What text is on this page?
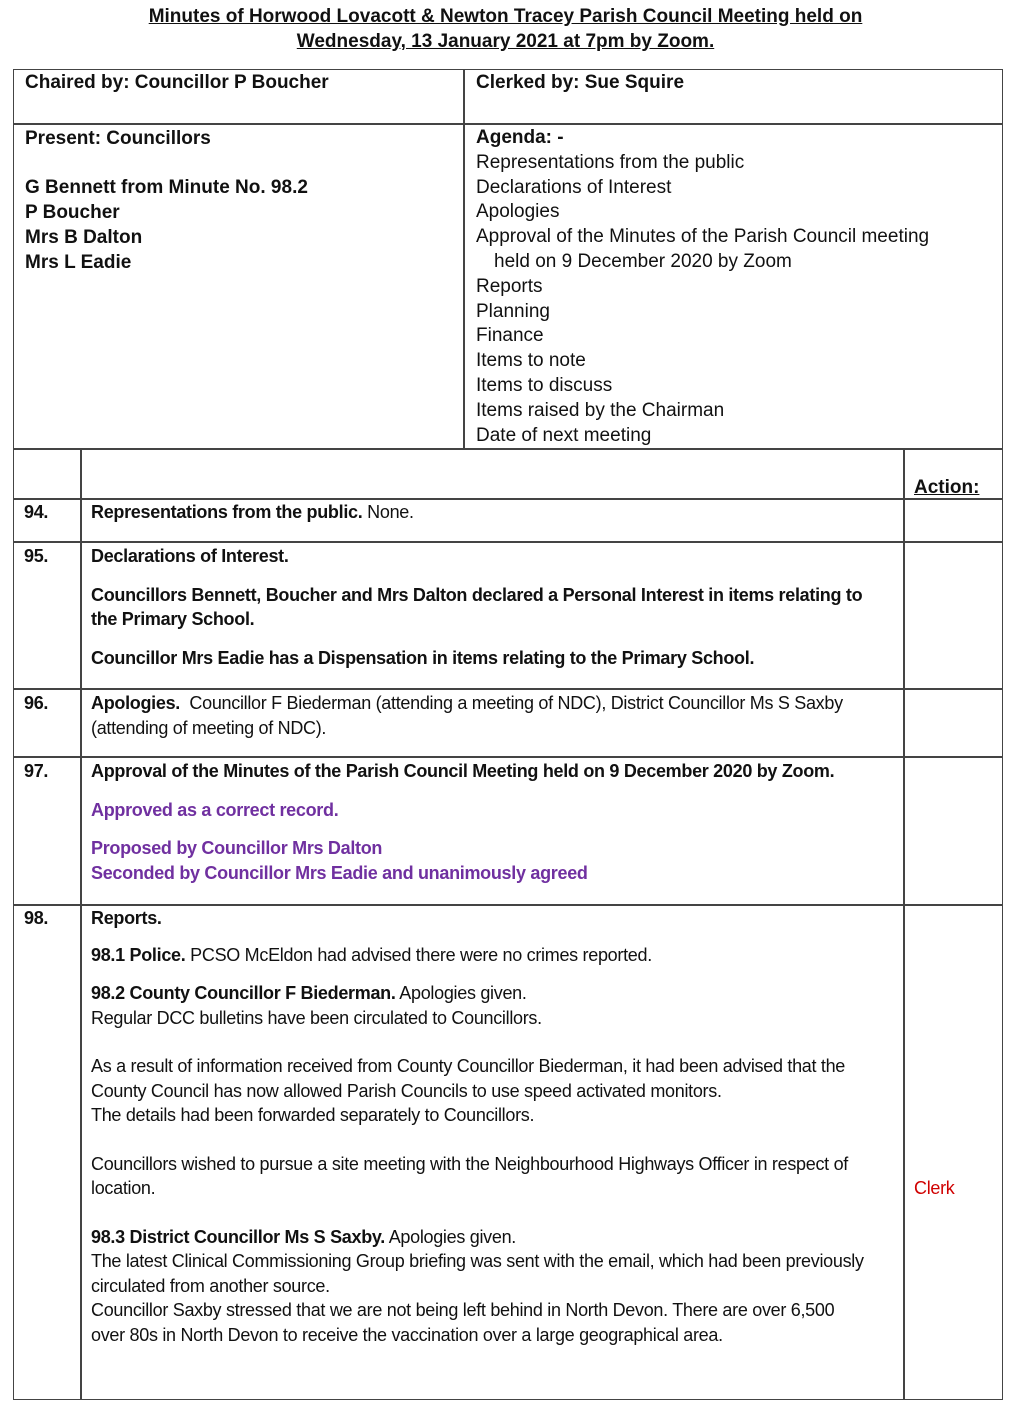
Minutes of Horwood Lovacott & Newton Tracey Parish Council Meeting held on
Wednesday, 13 January 2021 at 7pm by Zoom.
Chaired by: Councillor P Boucher	Clerked by: Sue Squire
Present: Councillors
G Bennett from Minute No. 98.2
P Boucher
Mrs B Dalton
Mrs L Eadie
Agenda: -
Representations from the public
Declarations of Interest
Apologies
Approval of the Minutes of the Parish Council meeting
held on 9 December 2020 by Zoom
Reports
Planning
Finance
Items to note
Items to discuss
Items raised by the Chairman
Date of next meeting
Action:
94. Representations from the public. None.
95. Declarations of Interest.

Councillors Bennett, Boucher and Mrs Dalton declared a Personal Interest in items relating to the Primary School.

Councillor Mrs Eadie has a Dispensation in items relating to the Primary School.

96. Apologies. Councillor F Biederman (attending a meeting of NDC), District Councillor Ms S Saxby (attending of meeting of NDC).
97. Approval of the Minutes of the Parish Council Meeting held on 9 December 2020 by Zoom.

Approved as a correct record.

Proposed by Councillor Mrs Dalton

Seconded by Councillor Mrs Eadie and unanimously agreed

98. Reports.

98.1 Police. PCSO McEldon had advised there were no crimes reported.

98.2 County Councillor F Biederman. Apologies given.

Regular DCC bulletins have been circulated to Councillors.

As a result of information received from County Councillor Biederman, it had been advised that the

County Council has now allowed Parish Councils to use speed activated monitors.

The details had been forwarded separately to Councillors.

Councillors wished to pursue a site meeting with the Neighbourhood Highways Officer in respect of

location.

98.3 District Councillor Ms S Saxby. Apologies given.

The latest Clinical Commissioning Group briefing was sent with the email, which had been previously

circulated from another source.

Councillor Saxby stressed that we are not being left behind in North Devon. There are over 6,500

over 80s in North Devon to receive the vaccination over a large geographical area.

Clerk
